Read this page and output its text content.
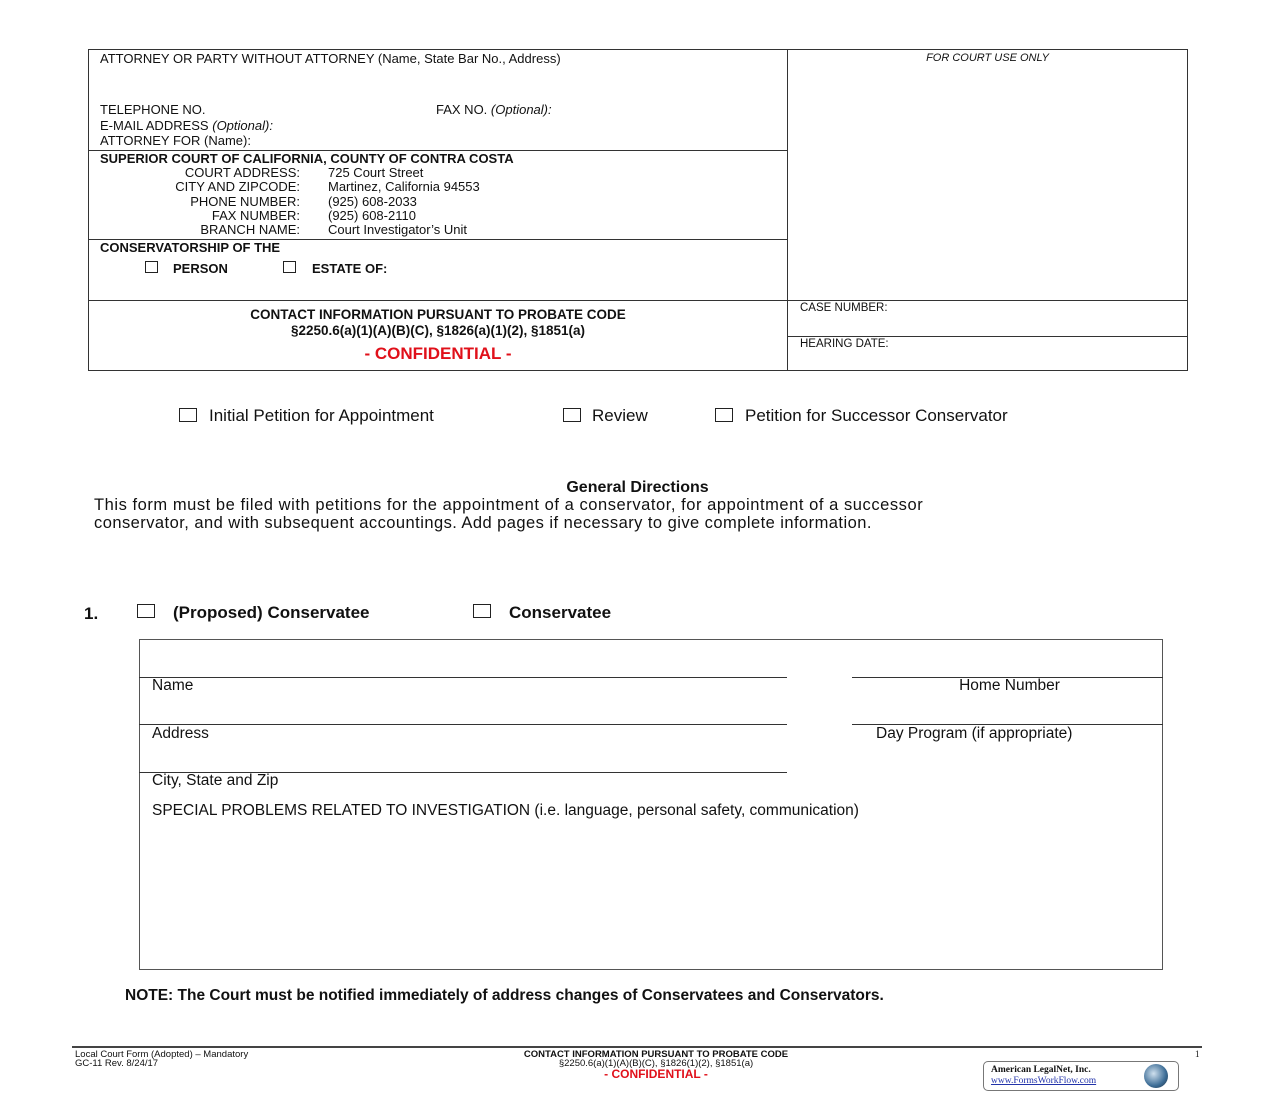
ATTORNEY OR PARTY WITHOUT ATTORNEY (Name, State Bar No., Address)
TELEPHONE NO.	FAX NO. (Optional):
E-MAIL ADDRESS (Optional):
ATTORNEY FOR (Name):
FOR COURT USE ONLY
SUPERIOR COURT OF CALIFORNIA, COUNTY OF CONTRA COSTA
COURT ADDRESS: 725 Court Street
CITY AND ZIPCODE: Martinez, California 94553
PHONE NUMBER: (925) 608-2033
FAX NUMBER: (925) 608-2110
BRANCH NAME: Court Investigator’s Unit
CONSERVATORSHIP OF THE
PERSON	ESTATE OF:
CONTACT INFORMATION PURSUANT TO PROBATE CODE
§2250.6(a)(1)(A)(B)(C), §1826(a)(1)(2), §1851(a)
- CONFIDENTIAL -
CASE NUMBER:
HEARING DATE:
Initial Petition for Appointment	Review	Petition for Successor Conservator
General Directions
This form must be filed with petitions for the appointment of a conservator, for appointment of a successor
conservator, and with subsequent accountings. Add pages if necessary to give complete information.
1.	(Proposed) Conservatee	Conservatee
Name	Home Number
Address	Day Program (if appropriate)
City, State and Zip
SPECIAL PROBLEMS RELATED TO INVESTIGATION (i.e. language, personal safety, communication)
NOTE: The Court must be notified immediately of address changes of Conservatees and Conservators.
Local Court Form (Adopted) – Mandatory
GC-11 Rev. 8/24/17
CONTACT INFORMATION PURSUANT TO PROBATE CODE
§2250.6(a)(1)(A)(B)(C), §1826(1)(2), §1851(a)
- CONFIDENTIAL -
1
American LegalNet, Inc.
www.FormsWorkFlow.com
